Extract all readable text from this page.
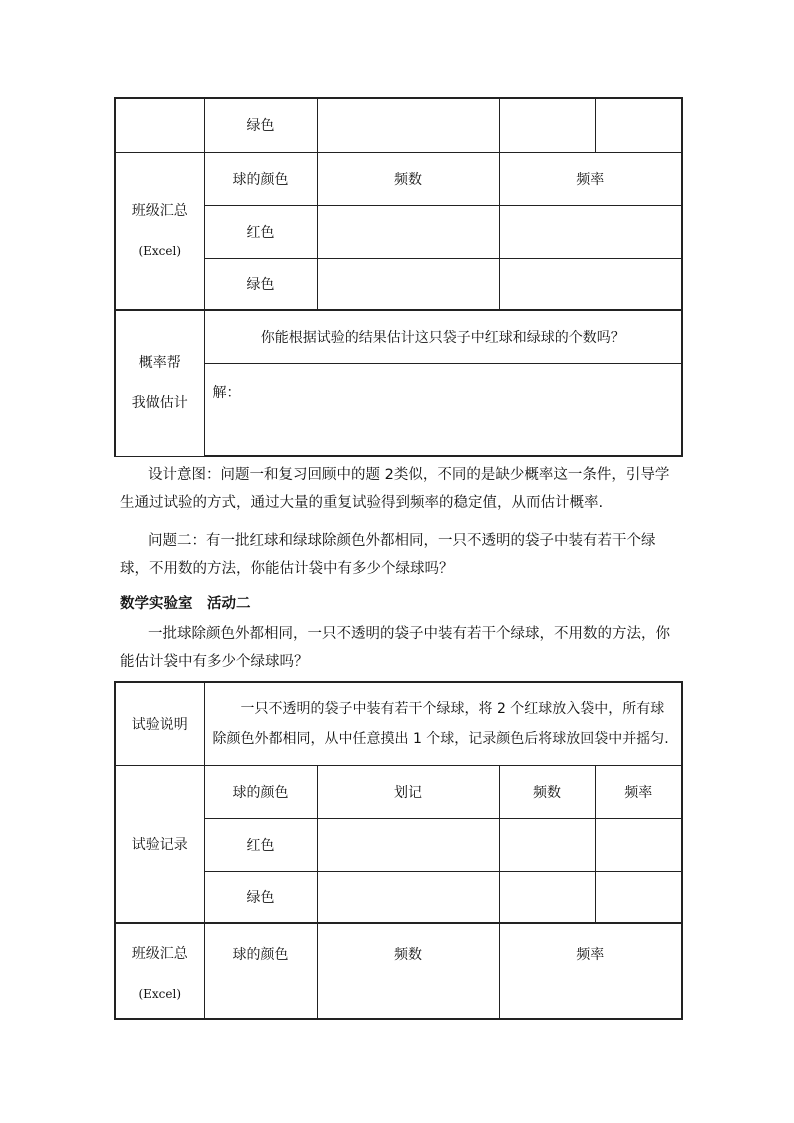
	绿色			

班级汇总
(Excel)	球的颜色	频数	频率	
	红色			
	绿色			

概率帮
我做估计	你能根据试验的结果估计这只袋子中红球和绿球的个数吗？			
	解：			

设计意图：问题一和复习回顾中的题 2类似，不同的是缺少概率这一条件，引导学生通过试验的方式，通过大量的重复试验得到频率的稳定值，从而估计概率.

问题二：有一批红球和绿球除颜色外都相同，一只不透明的袋子中装有若干个绿球，不用数的方法，你能估计袋中有多少个绿球吗？

数学实验室　活动二

一批球除颜色外都相同，一只不透明的袋子中装有若干个绿球，不用数的方法，你能估计袋中有多少个绿球吗？

试验说明	一只不透明的袋子中装有若干个绿球，将 2 个红球放入袋中，所有球除颜色外都相同，从中任意摸出 1 个球，记录颜色后将球放回袋中并摇匀.			
试验记录	球的颜色	划记	频数	频率
	红色			
	绿色			

班级汇总
(Excel)	球的颜色	频数	频率	
